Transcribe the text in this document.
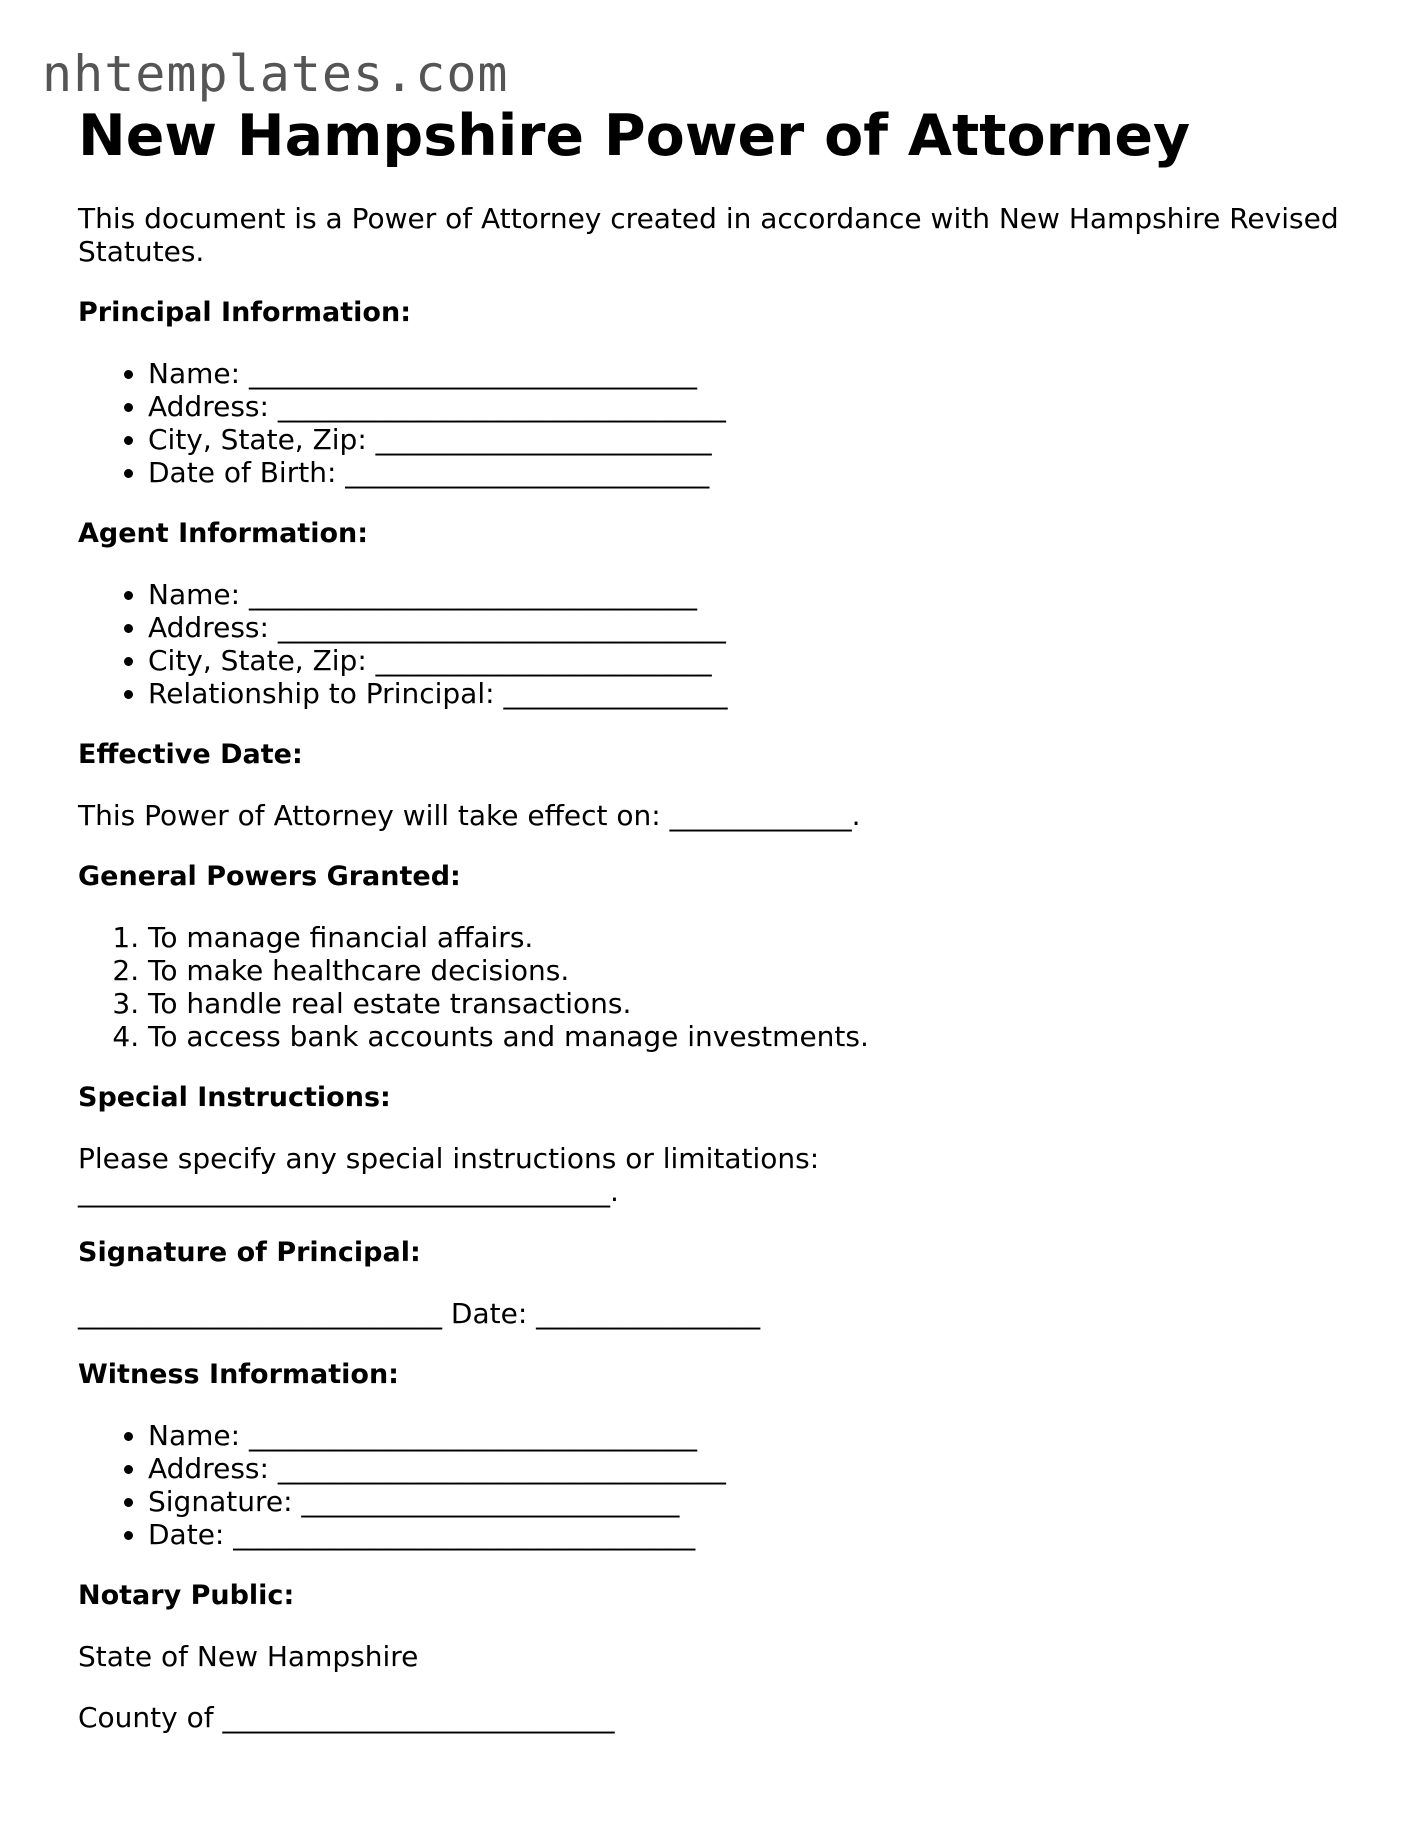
nhtemplates.com
New Hampshire Power of Attorney

This document is a Power of Attorney created in accordance with New Hampshire Revised Statutes.

Principal Information:
• Name: ________________________________
• Address: ________________________________
• City, State, Zip: ________________________
• Date of Birth: __________________________
Agent Information:
• Name: ________________________________
• Address: ________________________________
• City, State, Zip: ________________________
• Relationship to Principal: ________________
Effective Date:

This Power of Attorney will take effect on: _____________.

General Powers Granted:
1. To manage financial affairs.
2. To make healthcare decisions.
3. To handle real estate transactions.
4. To access bank accounts and manage investments.
Special Instructions:

Please specify any special instructions or limitations:

______________________________________.

Signature of Principal:

__________________________ Date: ________________

Witness Information:
• Name: ________________________________
• Address: ________________________________
• Signature: ___________________________
• Date: _________________________________
Notary Public:

State of New Hampshire

County of ____________________________
